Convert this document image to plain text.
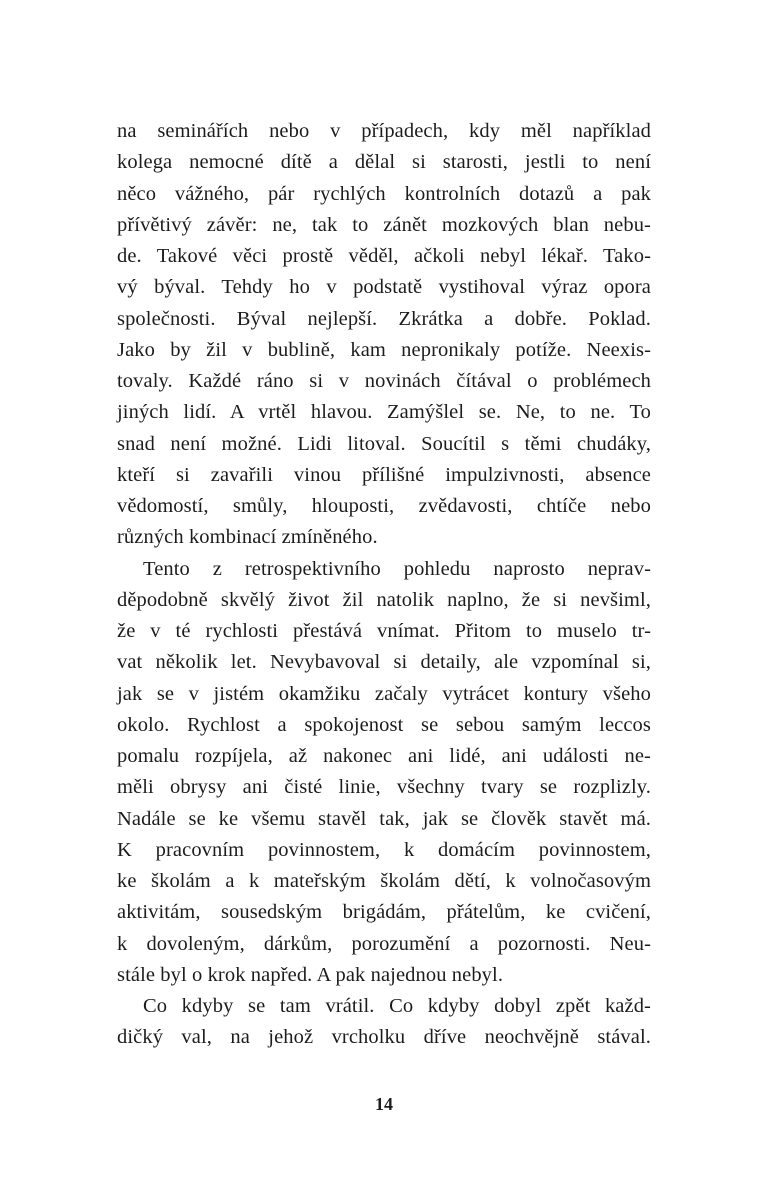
na seminářích nebo v případech, kdy měl například
kolega nemocné dítě a dělal si starosti, jestli to není
něco vážného, pár rychlých kontrolních dotazů a pak
přívětivý závěr: ne, tak to zánět mozkových blan nebu-
de. Takové věci prostě věděl, ačkoli nebyl lékař. Tako-
vý býval. Tehdy ho v podstatě vystihoval výraz opora
společnosti. Býval nejlepší. Zkrátka a dobře. Poklad.
Jako by žil v bublině, kam nepronikaly potíže. Neexis-
tovaly. Každé ráno si v novinách čítával o problémech
jiných lidí. A vrtěl hlavou. Zamýšlel se. Ne, to ne. To
snad není možné. Lidi litoval. Soucítil s těmi chudáky,
kteří si zavařili vinou přílišné impulzivnosti, absence
vědomostí, smůly, hlouposti, zvědavosti, chtíče nebo
různých kombinací zmíněného.
Tento z retrospektivního pohledu naprosto neprav-
děpodobně skvělý život žil natolik naplno, že si nevšiml,
že v té rychlosti přestává vnímat. Přitom to muselo tr-
vat několik let. Nevybavoval si detaily, ale vzpomínal si,
jak se v jistém okamžiku začaly vytrácet kontury všeho
okolo. Rychlost a spokojenost se sebou samým leccos
pomalu rozpíjela, až nakonec ani lidé, ani události ne-
měli obrysy ani čisté linie, všechny tvary se rozplizly.
Nadále se ke všemu stavěl tak, jak se člověk stavět má.
K pracovním povinnostem, k domácím povinnostem,
ke školám a k mateřským školám dětí, k volnočasovým
aktivitám, sousedským brigádám, přátelům, ke cvičení,
k dovoleným, dárkům, porozumění a pozornosti. Neu-
stále byl o krok napřed. A pak najednou nebyl.
Co kdyby se tam vrátil. Co kdyby dobyl zpět každ-
dičký val, na jehož vrcholku dříve neochvějně stával.
14
